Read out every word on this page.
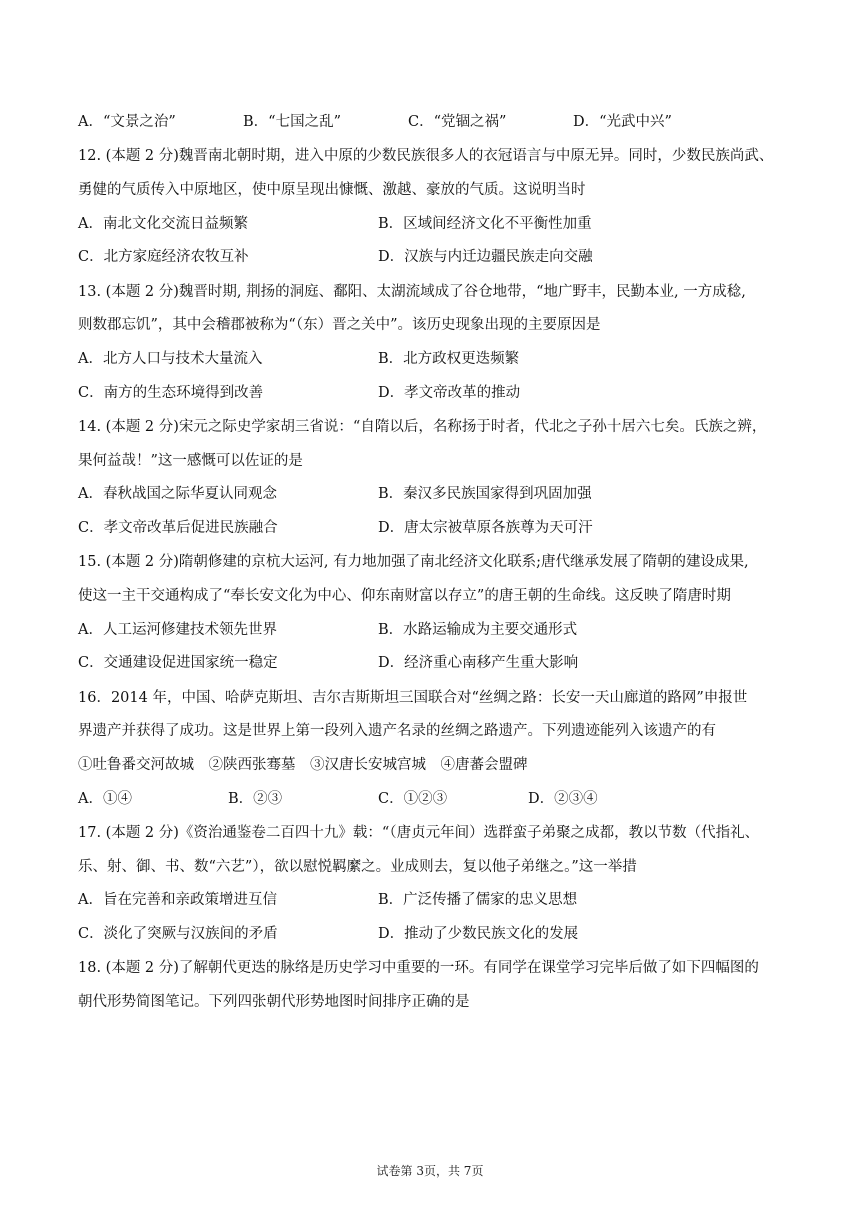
A．“文景之治”	B．“七国之乱”	C．“党锢之祸”	D．“光武中兴”
12. (本题 2 分)魏晋南北朝时期，进入中原的少数民族很多人的衣冠语言与中原无异。同时，少数民族尚武、
勇健的气质传入中原地区，使中原呈现出慷慨、激越、豪放的气质。这说明当时
A．南北文化交流日益频繁	B．区域间经济文化不平衡性加重
C．北方家庭经济农牧互补	D．汉族与内迁边疆民族走向交融
13. (本题 2 分)魏晋时期, 荆扬的洞庭、鄱阳、太湖流域成了谷仓地带，“地广野丰，民勤本业, 一方成稔,
则数郡忘饥”，其中会稽郡被称为“（东）晋之关中”。该历史现象出现的主要原因是
A．北方人口与技术大量流入	B．北方政权更迭频繁
C．南方的生态环境得到改善	D．孝文帝改革的推动
14. (本题 2 分)宋元之际史学家胡三省说：“自隋以后，名称扬于时者，代北之子孙十居六七矣。氏族之辨，
果何益哉！”这一感慨可以佐证的是
A．春秋战国之际华夏认同观念	B．秦汉多民族国家得到巩固加强
C．孝文帝改革后促进民族融合	D．唐太宗被草原各族尊为天可汗
15. (本题 2 分)隋朝修建的京杭大运河, 有力地加强了南北经济文化联系;唐代继承发展了隋朝的建设成果,
使这一主干交通构成了“奉长安文化为中心、仰东南财富以存立”的唐王朝的生命线。这反映了隋唐时期
A．人工运河修建技术领先世界	B．水路运输成为主要交通形式
C．交通建设促进国家统一稳定	D．经济重心南移产生重大影响
16．2014 年，中国、哈萨克斯坦、吉尔吉斯斯坦三国联合对“丝绸之路：长安一天山廊道的路网”申报世
界遗产并获得了成功。这是世界上第一段列入遗产名录的丝绸之路遗产。下列遗迹能列入该遗产的有
①吐鲁番交河故城　②陕西张骞墓　③汉唐长安城宫城　④唐蕃会盟碑
A．①④	B．②③	C．①②③	D．②③④
17. (本题 2 分)《资治通鉴卷二百四十九》载：“（唐贞元年间）选群蛮子弟聚之成都，教以节数（代指礼、
乐、射、御、书、数“六艺”），欲以慰悦羁縻之。业成则去，复以他子弟继之。”这一举措
A．旨在完善和亲政策增进互信	B．广泛传播了儒家的忠义思想
C．淡化了突厥与汉族间的矛盾	D．推动了少数民族文化的发展
18. (本题 2 分)了解朝代更迭的脉络是历史学习中重要的一环。有同学在课堂学习完毕后做了如下四幅图的
朝代形势简图笔记。下列四张朝代形势地图时间排序正确的是
试卷第 3页，共 7页
